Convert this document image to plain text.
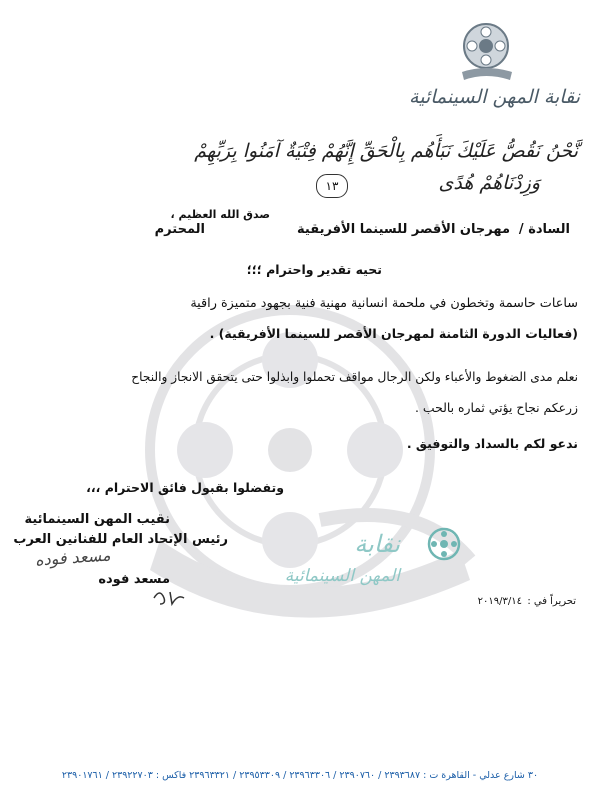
نقابة المهن السينمائية
نَّحْنُ نَقُصُّ عَلَيْكَ نَبَأَهُم بِالْحَقِّ إِنَّهُمْ فِتْيَةٌ آمَنُوا بِرَبِّهِمْ
وَزِدْنَاهُمْ هُدًى
١٣
صدق الله العظيم ،
السادة /
مهرجان الأقصر للسينما الأفريقية
المحترم
تحيه تقدير واحترام ؛؛؛
ساعات حاسمة وتخطون في ملحمة انسانية مهنية فنية بجهود متميزة راقية
(فعاليات الدورة الثامنة لمهرجان الأقصر للسينما الأفريقية) .
نعلم مدى الضغوط والأعباء ولكن الرجال مواقف تحملوا وابذلوا حتى يتحقق الانجاز والنجاح
زرعكم نجاح يؤتي ثماره بالحب .
ندعو لكم بالسداد والتوفيق .
وتفضلوا بقبول فائق الاحترام ،،،
نقيب المهن السينمائية
رئيس الإتحاد العام للفنانين العرب
مسعد فوده
مسعد فوده
نقابة
المهن السينمائية
تحريراً في :
٢٠١٩/٣/١٤
٣٠ شارع عدلي - القاهرة ت : ٢٣٩٣٦٨٧ / ٢٣٩٠٧٦٠ / ٢٣٩٦٣٣٠٦ / ٢٣٩٥٣٣٠٩ / ٢٣٩٦٣٣٢١ فاكس : ٢٣٩٢٢٧٠٣ / ٢٣٩٠١٧٦١
